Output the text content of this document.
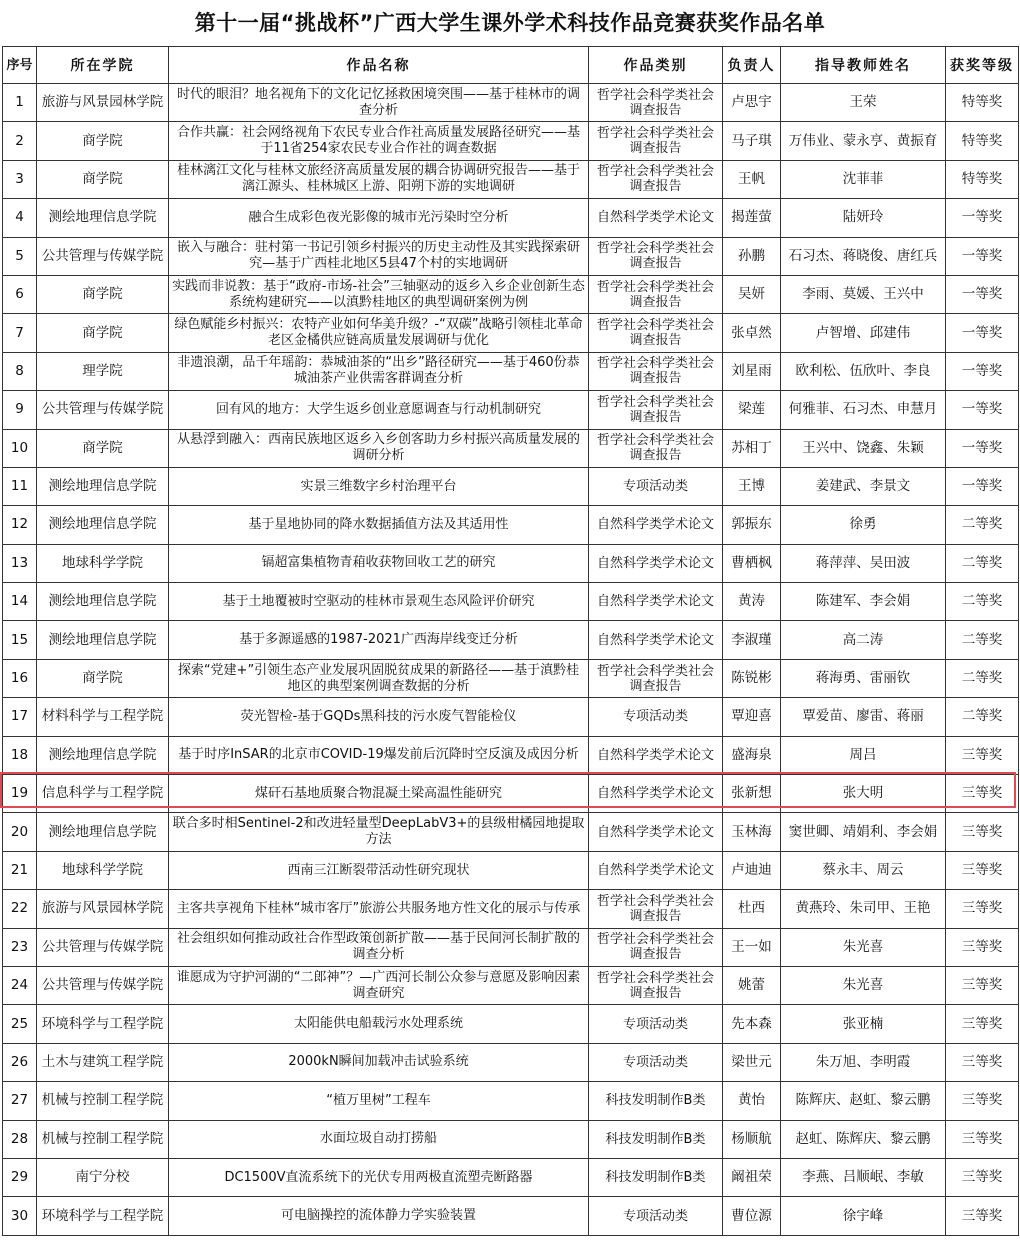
第十一届“挑战杯”广西大学生课外学术科技作品竞赛获奖作品名单
序号	所在学院	作品名称	作品类别	负责人	指导教师姓名	获奖等级
1	旅游与风景园林学院	时代的眼泪？地名视角下的文化记忆拯救困境突围——基于桂林市的调查分析	哲学社会科学类社会调查报告	卢思宇	王荣	特等奖
2	商学院	合作共赢：社会网络视角下农民专业合作社高质量发展路径研究——基于11省254家农民专业合作社的调查数据	哲学社会科学类社会调查报告	马子琪	万伟业、蒙永亨、黄振育	特等奖
3	商学院	桂林漓江文化与桂林文旅经济高质量发展的耦合协调研究报告——基于漓江源头、桂林城区上游、阳朔下游的实地调研	哲学社会科学类社会调查报告	王帆	沈菲菲	特等奖
4	测绘地理信息学院	融合生成彩色夜光影像的城市光污染时空分析	自然科学类学术论文	揭莲萤	陆妍玲	一等奖
5	公共管理与传媒学院	嵌入与融合：驻村第一书记引领乡村振兴的历史主动性及其实践探索研究—基于广西桂北地区5县47个村的实地调研	哲学社会科学类社会调查报告	孙鹏	石习杰、蒋晓俊、唐红兵	一等奖
6	商学院	实践而非说教：基于“政府-市场-社会”三轴驱动的返乡入乡企业创新生态系统构建研究——以滇黔桂地区的典型调研案例为例	哲学社会科学类社会调查报告	吴妍	李雨、莫媛、王兴中	一等奖
7	商学院	绿色赋能乡村振兴：农特产业如何华美升级？-“双碳”战略引领桂北革命老区金橘供应链高质量发展调研与优化	哲学社会科学类社会调查报告	张卓然	卢智增、邱建伟	一等奖
8	理学院	非遗浪潮，品千年瑶韵：恭城油茶的“出乡”路径研究——基于460份恭城油茶产业供需客群调查分析	哲学社会科学类社会调查报告	刘星雨	欧利松、伍欣叶、李良	一等奖
9	公共管理与传媒学院	回有风的地方：大学生返乡创业意愿调查与行动机制研究	哲学社会科学类社会调查报告	梁莲	何雅菲、石习杰、申慧月	一等奖
10	商学院	从悬浮到融入：西南民族地区返乡入乡创客助力乡村振兴高质量发展的调研分析	哲学社会科学类社会调查报告	苏相丁	王兴中、饶鑫、朱颖	一等奖
11	测绘地理信息学院	实景三维数字乡村治理平台	专项活动类	王博	姜建武、李景文	一等奖
12	测绘地理信息学院	基于星地协同的降水数据插值方法及其适用性	自然科学类学术论文	郭振东	徐勇	二等奖
13	地球科学学院	镉超富集植物青葙收获物回收工艺的研究	自然科学类学术论文	曹栖枫	蒋萍萍、吴田波	二等奖
14	测绘地理信息学院	基于土地覆被时空驱动的桂林市景观生态风险评价研究	自然科学类学术论文	黄涛	陈建军、李会娟	二等奖
15	测绘地理信息学院	基于多源遥感的1987-2021广西海岸线变迁分析	自然科学类学术论文	李淑瑾	高二涛	二等奖
16	商学院	探索“党建+”引领生态产业发展巩固脱贫成果的新路径——基于滇黔桂地区的典型案例调查数据的分析	哲学社会科学类社会调查报告	陈锐彬	蒋海勇、雷丽钦	二等奖
17	材料科学与工程学院	荧光智检-基于GQDs黑科技的污水废气智能检仪	专项活动类	覃迎喜	覃爱苗、廖雷、蒋丽	二等奖
18	测绘地理信息学院	基于时序InSAR的北京市COVID-19爆发前后沉降时空反演及成因分析	自然科学类学术论文	盛海泉	周吕	三等奖
19	信息科学与工程学院	煤矸石基地质聚合物混凝土梁高温性能研究	自然科学类学术论文	张新想	张大明	三等奖
20	测绘地理信息学院	联合多时相Sentinel-2和改进轻量型DeepLabV3+的县级柑橘园地提取方法	自然科学类学术论文	玉林海	窦世卿、靖娟利、李会娟	三等奖
21	地球科学学院	西南三江断裂带活动性研究现状	自然科学类学术论文	卢迪迪	蔡永丰、周云	三等奖
22	旅游与风景园林学院	主客共享视角下桂林“城市客厅”旅游公共服务地方性文化的展示与传承	哲学社会科学类社会调查报告	杜西	黄燕玲、朱司甲、王艳	三等奖
23	公共管理与传媒学院	社会组织如何推动政社合作型政策创新扩散——基于民间河长制扩散的调查分析	哲学社会科学类社会调查报告	王一如	朱光喜	三等奖
24	公共管理与传媒学院	谁愿成为守护河湖的“二郎神”？—广西河长制公众参与意愿及影响因素调查研究	哲学社会科学类社会调查报告	姚蕾	朱光喜	三等奖
25	环境科学与工程学院	太阳能供电船载污水处理系统	专项活动类	先本森	张亚楠	三等奖
26	土木与建筑工程学院	2000kN瞬间加载冲击试验系统	专项活动类	梁世元	朱万旭、李明霞	三等奖
27	机械与控制工程学院	“植万里树”工程车	科技发明制作B类	黄怡	陈辉庆、赵虹、黎云鹏	三等奖
28	机械与控制工程学院	水面垃圾自动打捞船	科技发明制作B类	杨顺航	赵虹、陈辉庆、黎云鹏	三等奖
29	南宁分校	DC1500V直流系统下的光伏专用两极直流塑壳断路器	科技发明制作B类	阚祖荣	李燕、吕顺岷、李敏	三等奖
30	环境科学与工程学院	可电脑操控的流体静力学实验装置	专项活动类	曹位源	徐宇峰	三等奖
